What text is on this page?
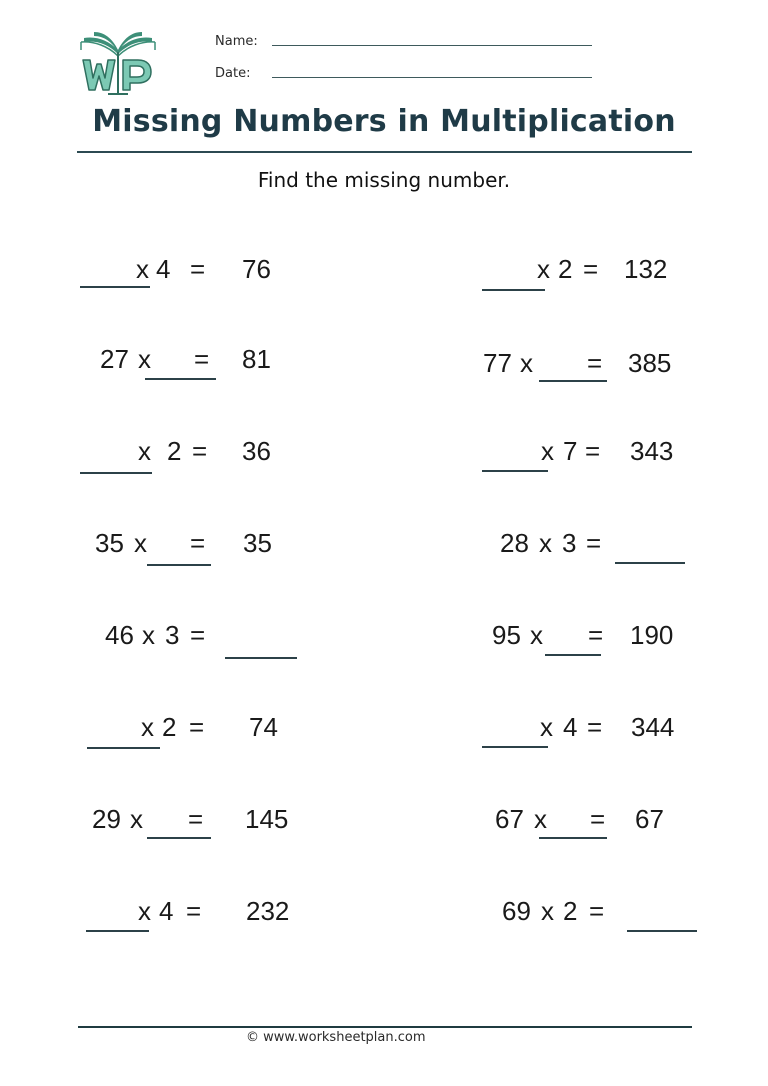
Name:
Date:
Missing Numbers in Multiplication
Find the missing number.
x 4 = 76
27 x = 81
x 2 = 36
35 x = 35
46 x 3 =
x 2 = 74
29 x = 145
x 4 = 232
x 2 = 132
77 x = 385
x 7 = 343
28 x 3 =
95 x = 190
x 4 = 344
67 x = 67
69 x 2 =
© www.worksheetplan.com
